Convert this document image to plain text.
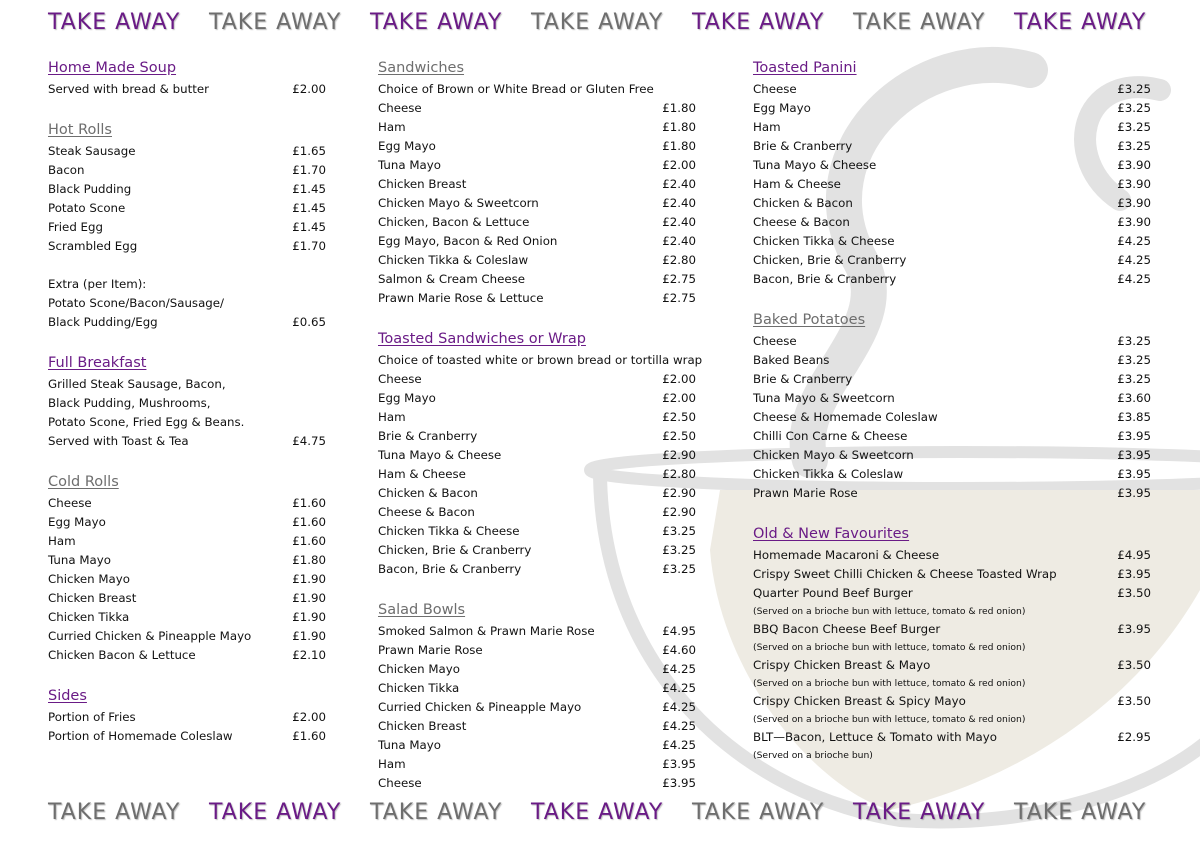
TAKE AWAY TAKE AWAY TAKE AWAY TAKE AWAY TAKE AWAY TAKE AWAY TAKE AWAY
Home Made Soup
Served with bread & butter	£2.00
Hot Rolls
Steak Sausage	£1.65
Bacon	£1.70
Black Pudding	£1.45
Potato Scone	£1.45
Fried Egg	£1.45
Scrambled Egg	£1.70
Extra (per Item):
Potato Scone/Bacon/Sausage/
Black Pudding/Egg	£0.65
Full Breakfast
Grilled Steak Sausage, Bacon,
Black Pudding, Mushrooms,
Potato Scone, Fried Egg & Beans.
Served with Toast & Tea	£4.75
Cold Rolls
Cheese	£1.60
Egg Mayo	£1.60
Ham	£1.60
Tuna Mayo	£1.80
Chicken Mayo	£1.90
Chicken Breast	£1.90
Chicken Tikka	£1.90
Curried Chicken & Pineapple Mayo	£1.90
Chicken Bacon & Lettuce	£2.10
Sides
Portion of Fries	£2.00
Portion of Homemade Coleslaw	£1.60
Sandwiches
Choice of Brown or White Bread or Gluten Free
Cheese	£1.80
Ham	£1.80
Egg Mayo	£1.80
Tuna Mayo	£2.00
Chicken Breast	£2.40
Chicken Mayo & Sweetcorn	£2.40
Chicken, Bacon & Lettuce	£2.40
Egg Mayo, Bacon & Red Onion	£2.40
Chicken Tikka & Coleslaw	£2.80
Salmon & Cream Cheese	£2.75
Prawn Marie Rose & Lettuce	£2.75
Toasted Sandwiches or Wrap
Choice of toasted white or brown bread or tortilla wrap
Cheese	£2.00
Egg Mayo	£2.00
Ham	£2.50
Brie & Cranberry	£2.50
Tuna Mayo & Cheese	£2.90
Ham & Cheese	£2.80
Chicken & Bacon	£2.90
Cheese & Bacon	£2.90
Chicken Tikka & Cheese	£3.25
Chicken, Brie & Cranberry	£3.25
Bacon, Brie & Cranberry	£3.25
Salad Bowls
Smoked Salmon & Prawn Marie Rose	£4.95
Prawn Marie Rose	£4.60
Chicken Mayo	£4.25
Chicken Tikka	£4.25
Curried Chicken & Pineapple Mayo	£4.25
Chicken Breast	£4.25
Tuna Mayo	£4.25
Ham	£3.95
Cheese	£3.95
Toasted Panini
Cheese	£3.25
Egg Mayo	£3.25
Ham	£3.25
Brie & Cranberry	£3.25
Tuna Mayo & Cheese	£3.90
Ham & Cheese	£3.90
Chicken & Bacon	£3.90
Cheese & Bacon	£3.90
Chicken Tikka & Cheese	£4.25
Chicken, Brie & Cranberry	£4.25
Bacon, Brie & Cranberry	£4.25
Baked Potatoes
Cheese	£3.25
Baked Beans	£3.25
Brie & Cranberry	£3.25
Tuna Mayo & Sweetcorn	£3.60
Cheese & Homemade Coleslaw	£3.85
Chilli Con Carne & Cheese	£3.95
Chicken Mayo & Sweetcorn	£3.95
Chicken Tikka & Coleslaw	£3.95
Prawn Marie Rose	£3.95
Old & New Favourites
Homemade Macaroni & Cheese	£4.95
Crispy Sweet Chilli Chicken & Cheese Toasted Wrap	£3.95
Quarter Pound Beef Burger	£3.50
(Served on a brioche bun with lettuce, tomato & red onion)
BBQ Bacon Cheese Beef Burger	£3.95
(Served on a brioche bun with lettuce, tomato & red onion)
Crispy Chicken Breast & Mayo	£3.50
(Served on a brioche bun with lettuce, tomato & red onion)
Crispy Chicken Breast & Spicy Mayo	£3.50
(Served on a brioche bun with lettuce, tomato & red onion)
BLT—Bacon, Lettuce & Tomato with Mayo	£2.95
(Served on a brioche bun)
TAKE AWAY TAKE AWAY TAKE AWAY TAKE AWAY TAKE AWAY TAKE AWAY TAKE AWAY
